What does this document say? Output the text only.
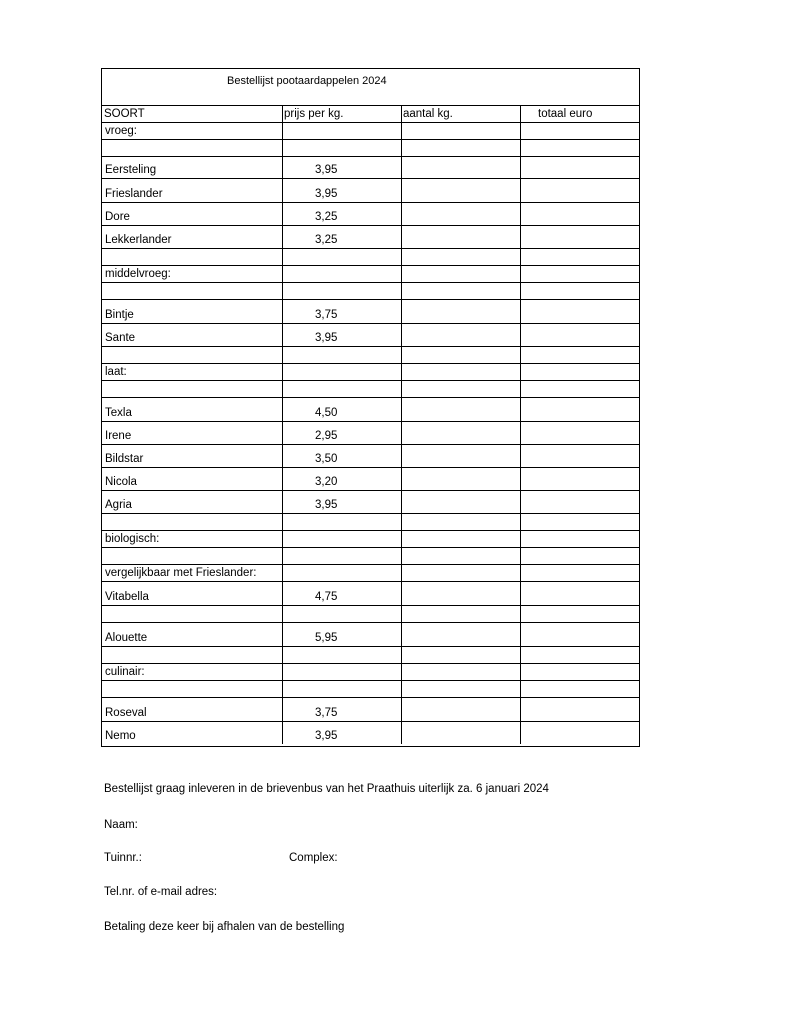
Bestellijst pootaardappelen 2024
SOORT	prijs per kg.	aantal kg.	totaal euro
vroeg:
Eersteling	3,95
Frieslander	3,95
Dore	3,25
Lekkerlander	3,25
middelvroeg:
Bintje	3,75
Sante	3,95
laat:
Texla	4,50
Irene	2,95
Bildstar	3,50
Nicola	3,20
Agria	3,95
biologisch:
vergelijkbaar met Frieslander:
Vitabella	4,75
Alouette	5,95
culinair:
Roseval	3,75
Nemo	3,95
Bestellijst graag inleveren in de brievenbus van het Praathuis uiterlijk za. 6 januari 2024
Naam:
Tuinnr.:	Complex:
Tel.nr. of e-mail adres:
Betaling deze keer bij afhalen van de bestelling
